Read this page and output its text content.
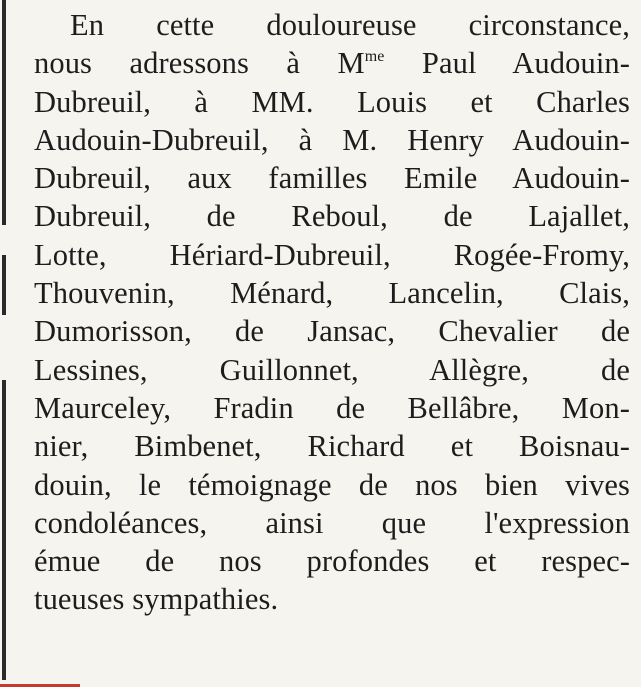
En cette douloureuse circonstance,
nous adressons à $M^{me}$ Paul Audouin-
Dubreuil, à MM. Louis et Charles
Audouin-Dubreuil, à M. Henry Audouin-
Dubreuil, aux familles Emile Audouin-
Dubreuil, de Reboul, de Lajallet,
Lotte, Hériard-Dubreuil, Rogée-Fromy,
Thouvenin, Ménard, Lancelin, Clais,
Dumorisson, de Jansac, Chevalier de
Lessines, Guillonnet, Allègre, de
Maurceley, Fradin de Bellâbre, Mon-
nier, Bimbenet, Richard et Boisnau-
douin, le témoignage de nos bien vives
condoléances, ainsi que l'expression
émue de nos profondes et respec-
tueuses sympathies.
